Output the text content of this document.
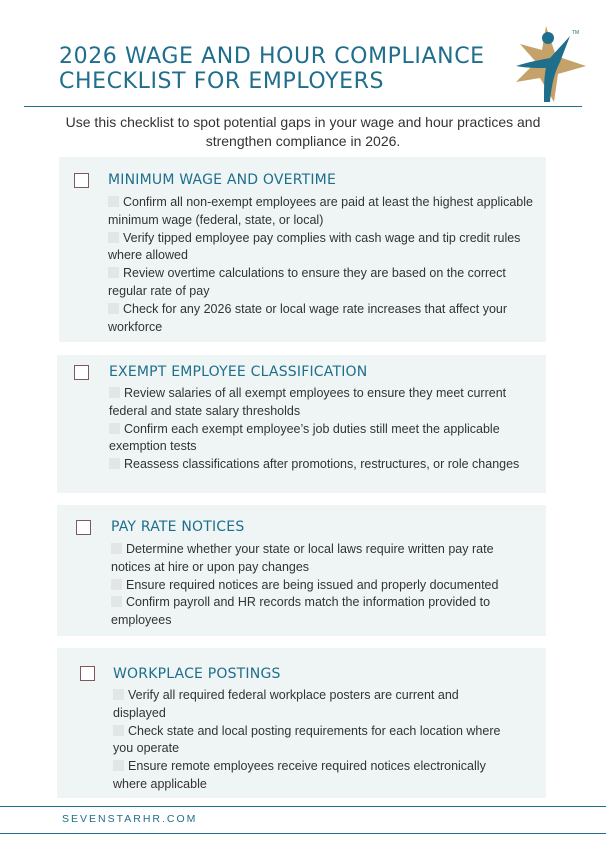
2026 WAGE AND HOUR COMPLIANCE
CHECKLIST FOR EMPLOYERS
TM

Use this checklist to spot potential gaps in your wage and hour practices and strengthen compliance in 2026.

MINIMUM WAGE AND OVERTIME

Confirm all non-exempt employees are paid at least the highest applicable minimum wage (federal, state, or local)

Verify tipped employee pay complies with cash wage and tip credit rules where allowed

Review overtime calculations to ensure they are based on the correct regular rate of pay

Check for any 2026 state or local wage rate increases that affect your workforce

EXEMPT EMPLOYEE CLASSIFICATION

Review salaries of all exempt employees to ensure they meet current federal and state salary thresholds

Confirm each exempt employee’s job duties still meet the applicable exemption tests

Reassess classifications after promotions, restructures, or role changes

PAY RATE NOTICES

Determine whether your state or local laws require written pay rate notices at hire or upon pay changes

Ensure required notices are being issued and properly documented

Confirm payroll and HR records match the information provided to employees

WORKPLACE POSTINGS

Verify all required federal workplace posters are current and displayed

Check state and local posting requirements for each location where you operate

Ensure remote employees receive required notices electronically where applicable

SEVENSTARHR.COM
